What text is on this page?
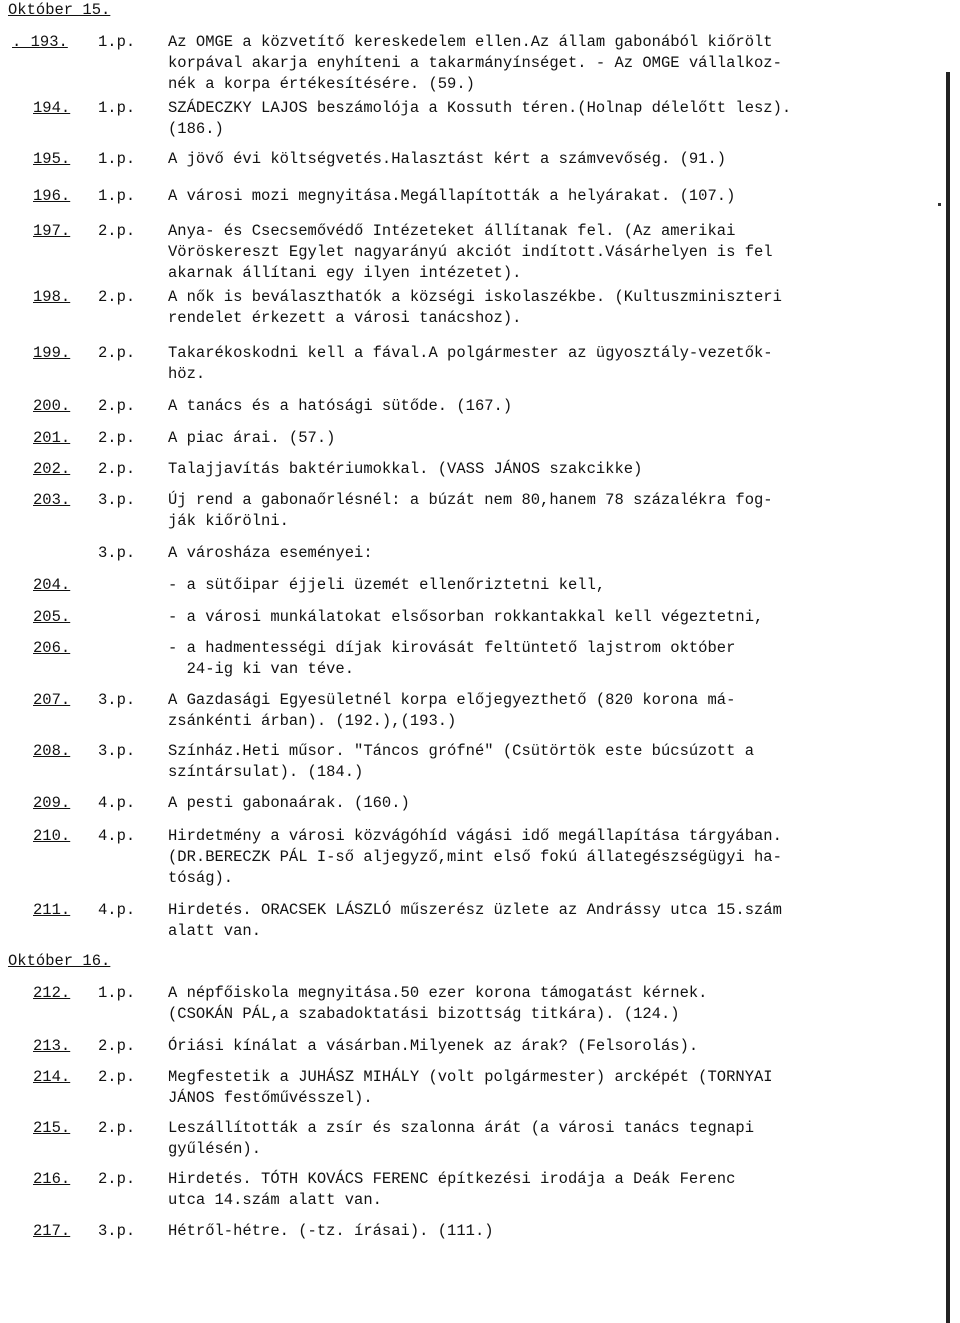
Október 15.
Október 16.
. 193. 1.p. Az OMGE a közvetítő kereskedelem ellen.Az állam gabonából kiőrölt
korpával akarja enyhíteni a takarmányínséget. - Az OMGE vállalkoz-
nék a korpa értékesítésére. (59.)
194. 1.p. SZÁDECZKY LAJOS beszámolója a Kossuth téren.(Holnap délelőtt lesz).
(186.)
195. 1.p. A jövő évi költségvetés.Halasztást kért a számvevőség. (91.)
196. 1.p. A városi mozi megnyitása.Megállapították a helyárakat. (107.)
197. 2.p. Anya- és Csecsemővédő Intézeteket állítanak fel. (Az amerikai
Vöröskereszt Egylet nagyarányú akciót indított.Vásárhelyen is fel
akarnak állítani egy ilyen intézetet).
198. 2.p. A nők is beválaszthatók a községi iskolaszékbe. (Kultuszminiszteri
rendelet érkezett a városi tanácshoz).
199. 2.p. Takarékoskodni kell a fával.A polgármester az ügyosztály-vezetők-
höz.
200. 2.p. A tanács és a hatósági sütőde. (167.)
201. 2.p. A piac árai. (57.)
202. 2.p. Talajjavítás baktériumokkal. (VASS JÁNOS szakcikke)
203. 3.p. Új rend a gabonaőrlésnél: a búzát nem 80,hanem 78 százalékra fog-
ják kiőrölni.
3.p. A városháza eseményei:
204.	- a sütőipar éjjeli üzemét ellenőriztetni kell,
205.	- a városi munkálatokat elsősorban rokkantakkal kell végeztetni,
206.	- a hadmentességi díjak kirovását feltüntető lajstrom október
24-ig ki van téve.
207. 3.p. A Gazdasági Egyesületnél korpa előjegyezthető (820 korona má-
zsánkénti árban). (192.),(193.)
208. 3.p. Színház.Heti műsor. "Táncos grófné" (Csütörtök este búcsúzott a
színtársulat). (184.)
209. 4.p. A pesti gabonaárak. (160.)
210. 4.p. Hirdetmény a városi közvágóhíd vágási idő megállapítása tárgyában.
(DR.BERECZK PÁL I-ső aljegyző,mint első fokú állategészségügyi ha-
tóság).
211. 4.p. Hirdetés. ORACSEK LÁSZLÓ műszerész üzlete az Andrássy utca 15.szám
alatt van.
212. 1.p. A népfőiskola megnyitása.50 ezer korona támogatást kérnek.
(CSOKÁN PÁL,a szabadoktatási bizottság titkára). (124.)
213. 2.p. Óriási kínálat a vásárban.Milyenek az árak? (Felsorolás).
214. 2.p. Megfestetik a JUHÁSZ MIHÁLY (volt polgármester) arcképét (TORNYAI
JÁNOS festőművésszel).
215. 2.p. Leszállították a zsír és szalonna árát (a városi tanács tegnapi
gyűlésén).
216. 2.p. Hirdetés. TÓTH KOVÁCS FERENC építkezési irodája a Deák Ferenc
utca 14.szám alatt van.
217. 3.p. Hétről-hétre. (-tz. írásai). (111.)
